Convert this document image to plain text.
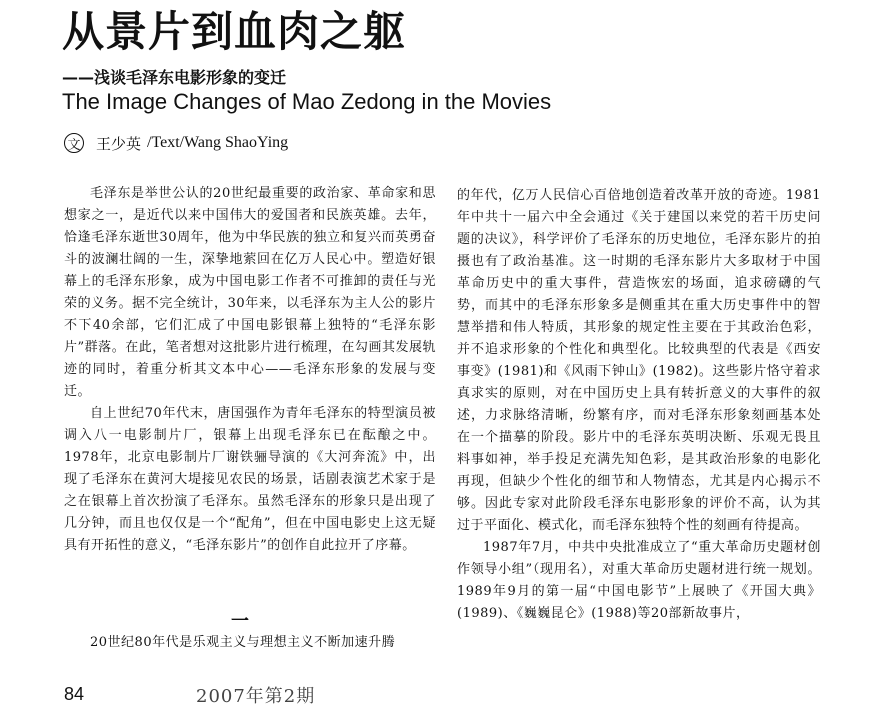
从景片到血肉之躯
——浅谈毛泽东电影形象的变迁
The Image Changes of Mao Zedong in the Movies
文 王少英 /Text/Wang ShaoYing

毛泽东是举世公认的20世纪最重要的政治家、革命家和思想家之一，是近代以来中国伟大的爱国者和民族英雄。去年，恰逢毛泽东逝世30周年，他为中华民族的独立和复兴而英勇奋斗的波澜壮阔的一生，深挚地萦回在亿万人民心中。塑造好银幕上的毛泽东形象，成为中国电影工作者不可推卸的责任与光荣的义务。据不完全统计，30年来，以毛泽东为主人公的影片不下40余部，它们汇成了中国电影银幕上独特的“毛泽东影片”群落。在此，笔者想对这批影片进行梳理，在勾画其发展轨迹的同时，着重分析其文本中心——毛泽东形象的发展与变迁。

自上世纪70年代末，唐国强作为青年毛泽东的特型演员被调入八一电影制片厂，银幕上出现毛泽东已在酝酿之中。1978年，北京电影制片厂谢铁骊导演的《大河奔流》中，出现了毛泽东在黄河大堤接见农民的场景，话剧表演艺术家于是之在银幕上首次扮演了毛泽东。虽然毛泽东的形象只是出现了几分钟，而且也仅仅是一个“配角”，但在中国电影史上这无疑具有开拓性的意义，“毛泽东影片”的创作自此拉开了序幕。

一

20世纪80年代是乐观主义与理想主义不断加速升腾

的年代，亿万人民信心百倍地创造着改革开放的奇迹。1981年中共十一届六中全会通过《关于建国以来党的若干历史问题的决议》，科学评价了毛泽东的历史地位，毛泽东影片的拍摄也有了政治基准。这一时期的毛泽东影片大多取材于中国革命历史中的重大事件，营造恢宏的场面，追求磅礴的气势，而其中的毛泽东形象多是侧重其在重大历史事件中的智慧举措和伟人特质，其形象的规定性主要在于其政治色彩，并不追求形象的个性化和典型化。比较典型的代表是《西安事变》(1981)和《风雨下钟山》(1982)。这些影片恪守着求真求实的原则，对在中国历史上具有转折意义的大事件的叙述，力求脉络清晰，纷繁有序，而对毛泽东形象刻画基本处在一个描摹的阶段。影片中的毛泽东英明决断、乐观无畏且料事如神，举手投足充满先知色彩，是其政治形象的电影化再现，但缺少个性化的细节和人物情态，尤其是内心揭示不够。因此专家对此阶段毛泽东电影形象的评价不高，认为其过于平面化、模式化，而毛泽东独特个性的刻画有待提高。

1987年7月，中共中央批准成立了“重大革命历史题材创作领导小组”（现用名），对重大革命历史题材进行统一规划。1989年9月的第一届“中国电影节”上展映了《开国大典》(1989)、《巍巍昆仑》(1988)等20部新故事片，

84	2007年第2期
